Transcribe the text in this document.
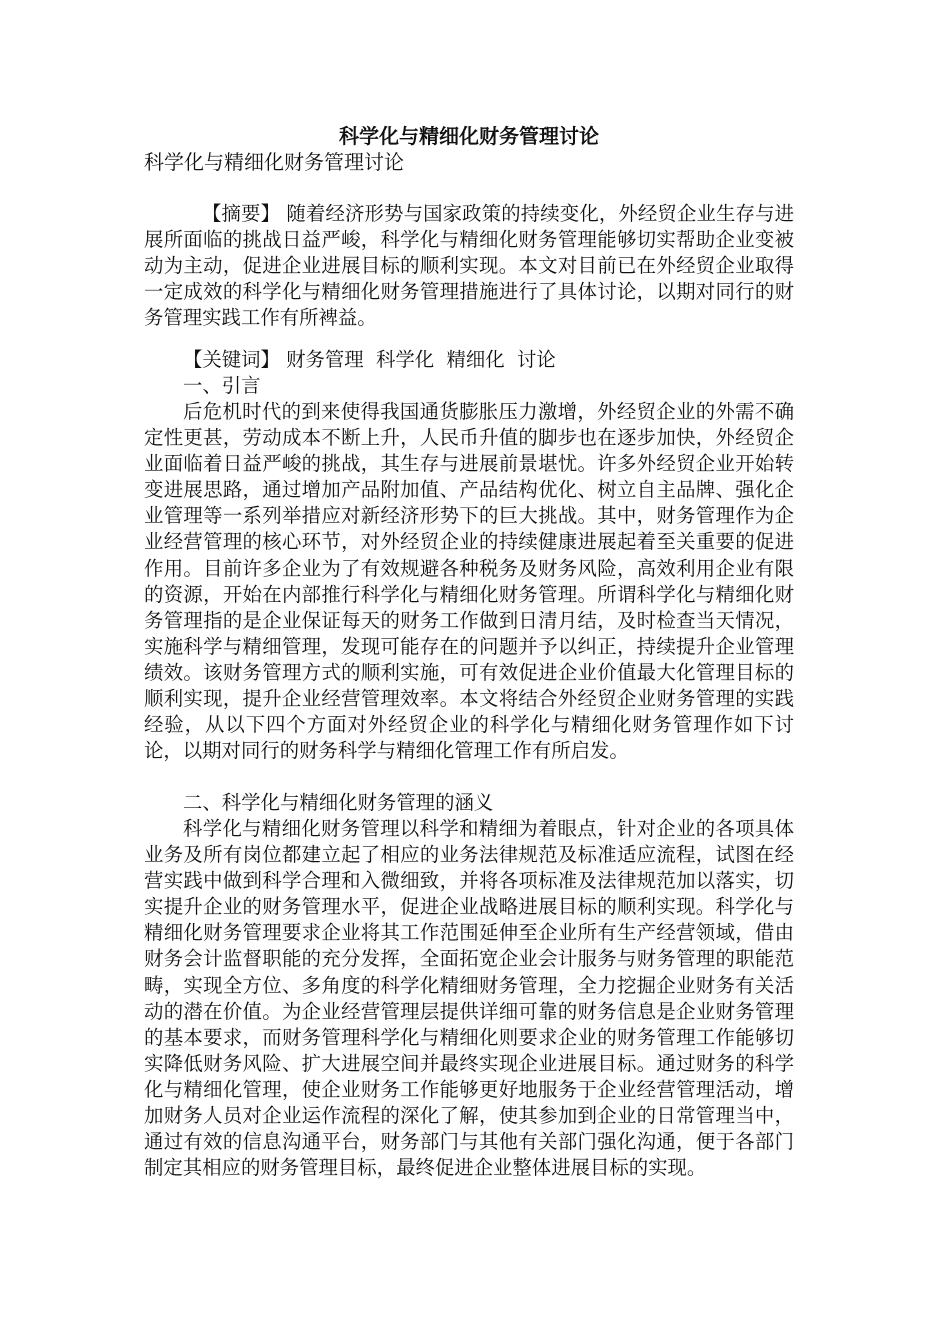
科学化与精细化财务管理讨论
科学化与精细化财务管理讨论

【摘要】 随着经济形势与国家政策的持续变化，外经贸企业生存与进展所面临的挑战日益严峻，科学化与精细化财务管理能够切实帮助企业变被动为主动，促进企业进展目标的顺利实现。本文对目前已在外经贸企业取得一定成效的科学化与精细化财务管理措施进行了具体讨论，以期对同行的财务管理实践工作有所裨益。

【关键词】 财务管理  科学化  精细化  讨论

一、引言

后危机时代的到来使得我国通货膨胀压力激增，外经贸企业的外需不确定性更甚，劳动成本不断上升，人民币升值的脚步也在逐步加快，外经贸企业面临着日益严峻的挑战，其生存与进展前景堪忧。许多外经贸企业开始转变进展思路，通过增加产品附加值、产品结构优化、树立自主品牌、强化企业管理等一系列举措应对新经济形势下的巨大挑战。其中，财务管理作为企业经营管理的核心环节，对外经贸企业的持续健康进展起着至关重要的促进作用。目前许多企业为了有效规避各种税务及财务风险，高效利用企业有限的资源，开始在内部推行科学化与精细化财务管理。所谓科学化与精细化财务管理指的是企业保证每天的财务工作做到日清月结，及时检查当天情况，实施科学与精细管理，发现可能存在的问题并予以纠正，持续提升企业管理绩效。该财务管理方式的顺利实施，可有效促进企业价值最大化管理目标的顺利实现，提升企业经营管理效率。本文将结合外经贸企业财务管理的实践经验，从以下四个方面对外经贸企业的科学化与精细化财务管理作如下讨论，以期对同行的财务科学与精细化管理工作有所启发。

二、科学化与精细化财务管理的涵义

科学化与精细化财务管理以科学和精细为着眼点，针对企业的各项具体业务及所有岗位都建立起了相应的业务法律规范及标准适应流程，试图在经营实践中做到科学合理和入微细致，并将各项标准及法律规范加以落实，切实提升企业的财务管理水平，促进企业战略进展目标的顺利实现。科学化与精细化财务管理要求企业将其工作范围延伸至企业所有生产经营领域，借由财务会计监督职能的充分发挥，全面拓宽企业会计服务与财务管理的职能范畴，实现全方位、多角度的科学化精细财务管理，全力挖掘企业财务有关活动的潜在价值。为企业经营管理层提供详细可靠的财务信息是企业财务管理的基本要求，而财务管理科学化与精细化则要求企业的财务管理工作能够切实降低财务风险、扩大进展空间并最终实现企业进展目标。通过财务的科学化与精细化管理，使企业财务工作能够更好地服务于企业经营管理活动，增加财务人员对企业运作流程的深化了解，使其参加到企业的日常管理当中，通过有效的信息沟通平台，财务部门与其他有关部门强化沟通，便于各部门制定其相应的财务管理目标，最终促进企业整体进展目标的实现。
